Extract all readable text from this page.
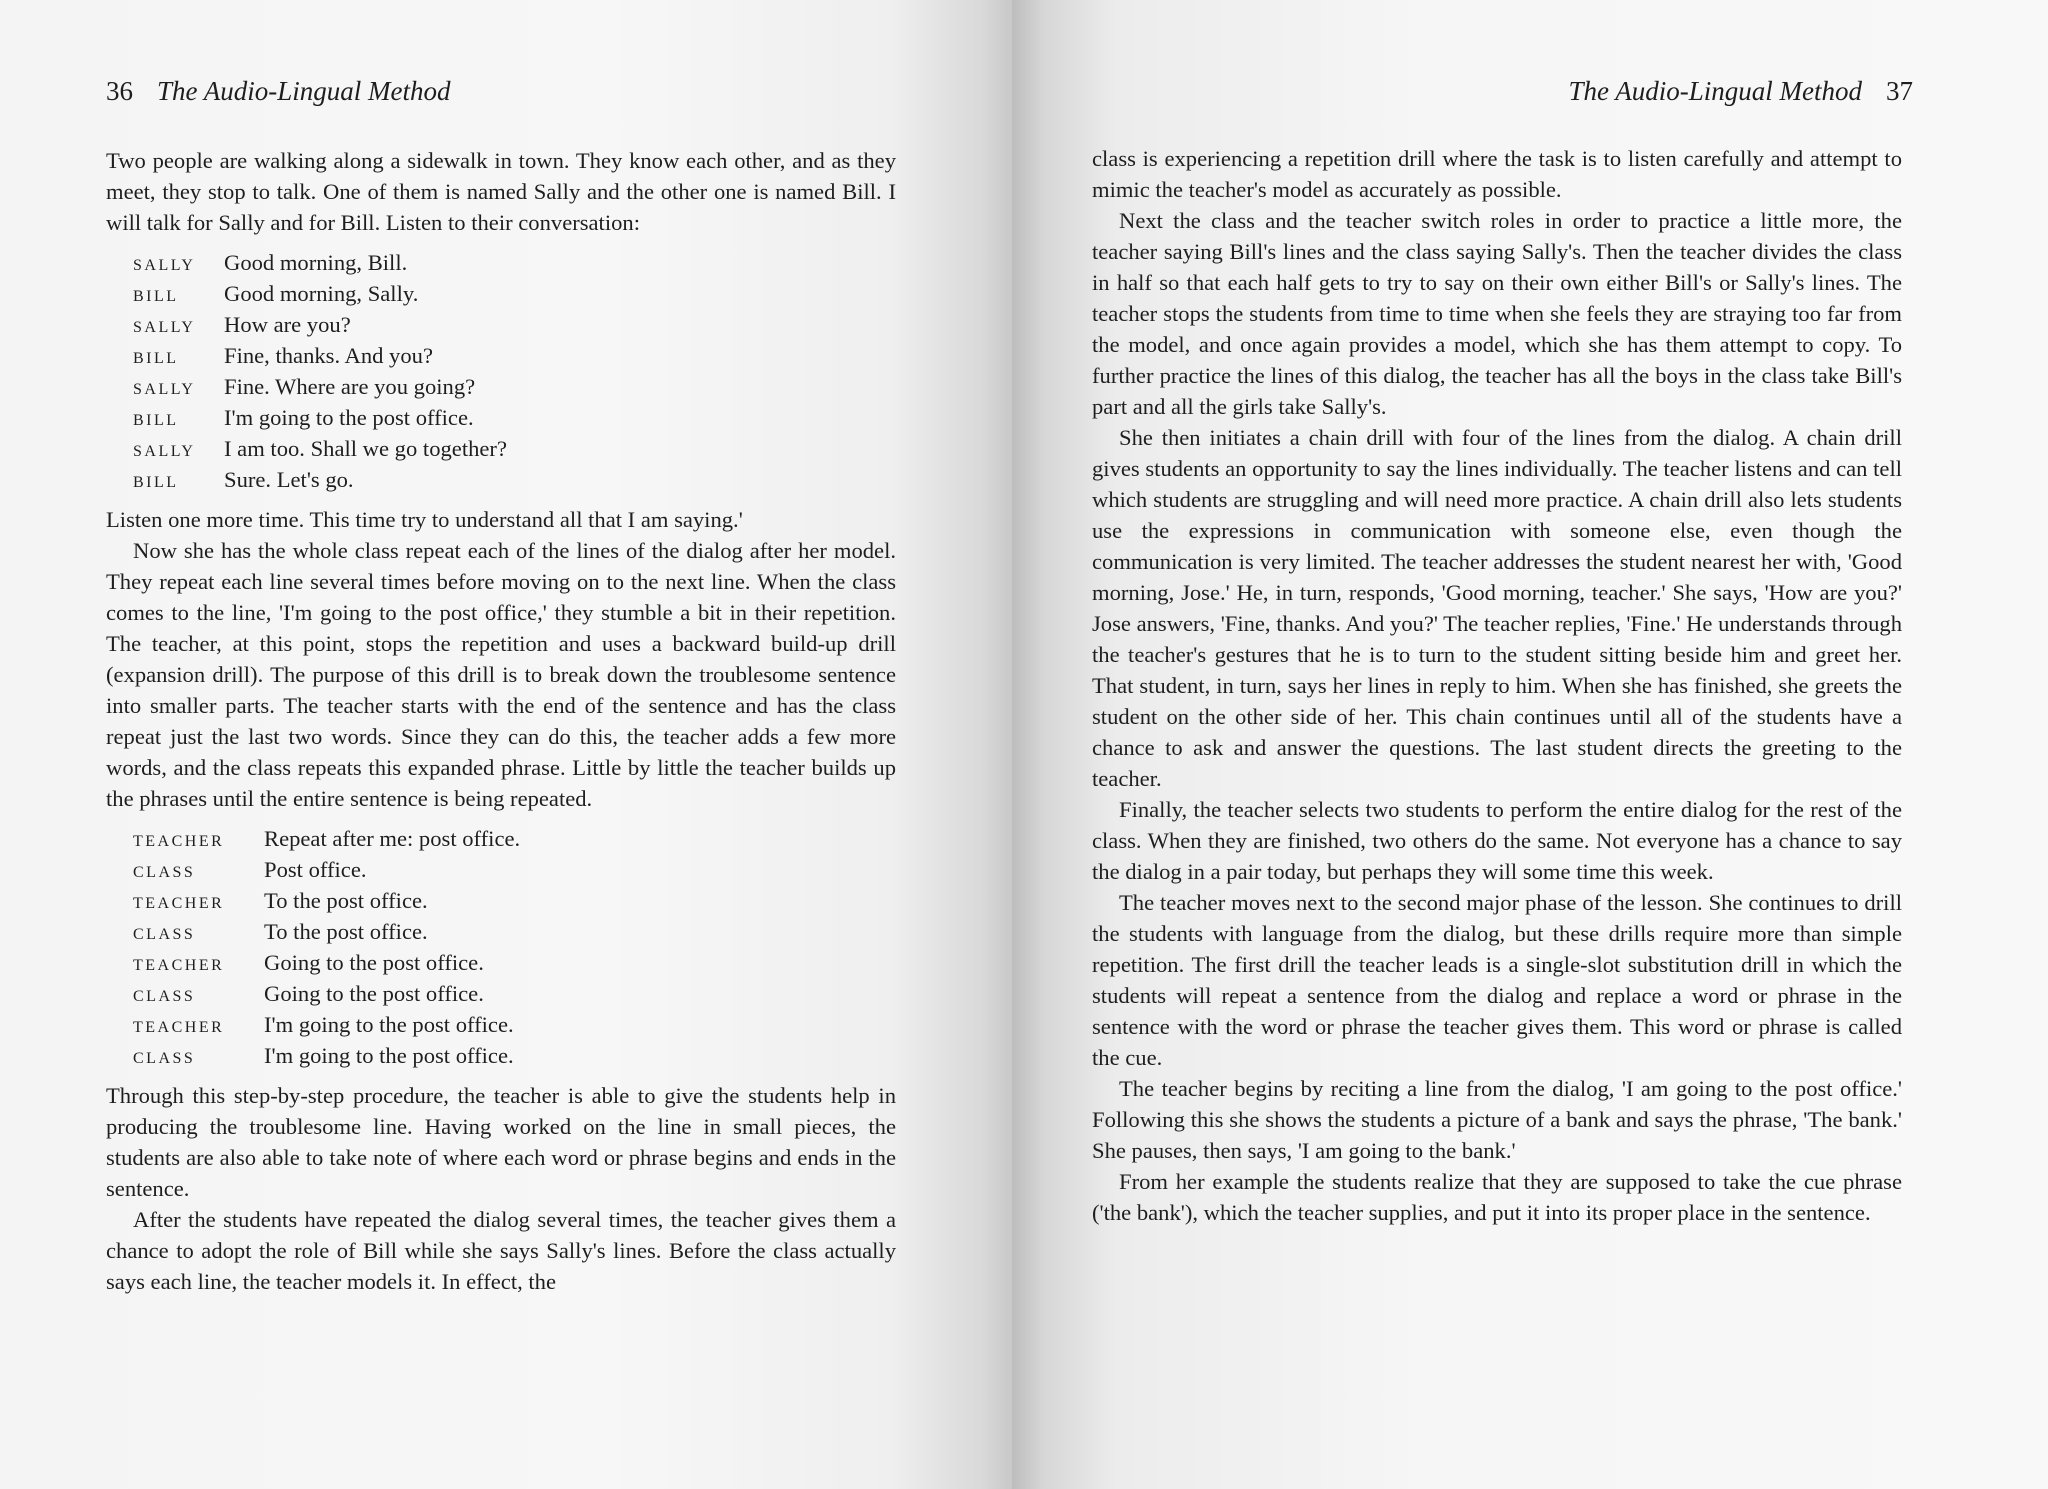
36 The Audio-Lingual Method

Two people are walking along a sidewalk in town. They know each other, and as they meet, they stop to talk. One of them is named Sally and the other one is named Bill. I will talk for Sally and for Bill. Listen to their conversation:

SALLY	Good morning, Bill.
BILL	Good morning, Sally.
SALLY	How are you?
BILL	Fine, thanks. And you?
SALLY	Fine. Where are you going?
BILL	I'm going to the post office.
SALLY	I am too. Shall we go together?
BILL	Sure. Let's go.

Listen one more time. This time try to understand all that I am saying.'

Now she has the whole class repeat each of the lines of the dialog after her model. They repeat each line several times before moving on to the next line. When the class comes to the line, 'I'm going to the post office,' they stumble a bit in their repetition. The teacher, at this point, stops the repetition and uses a backward build-up drill (expansion drill). The purpose of this drill is to break down the troublesome sentence into smaller parts. The teacher starts with the end of the sentence and has the class repeat just the last two words. Since they can do this, the teacher adds a few more words, and the class repeats this expanded phrase. Little by little the teacher builds up the phrases until the entire sentence is being repeated.

TEACHER	Repeat after me: post office.
CLASS	Post office.
TEACHER	To the post office.
CLASS	To the post office.
TEACHER	Going to the post office.
CLASS	Going to the post office.
TEACHER	I'm going to the post office.
CLASS	I'm going to the post office.

Through this step-by-step procedure, the teacher is able to give the students help in producing the troublesome line. Having worked on the line in small pieces, the students are also able to take note of where each word or phrase begins and ends in the sentence.

After the students have repeated the dialog several times, the teacher gives them a chance to adopt the role of Bill while she says Sally's lines. Before the class actually says each line, the teacher models it. In effect, the

The Audio-Lingual Method 37

class is experiencing a repetition drill where the task is to listen carefully and attempt to mimic the teacher's model as accurately as possible.

Next the class and the teacher switch roles in order to practice a little more, the teacher saying Bill's lines and the class saying Sally's. Then the teacher divides the class in half so that each half gets to try to say on their own either Bill's or Sally's lines. The teacher stops the students from time to time when she feels they are straying too far from the model, and once again provides a model, which she has them attempt to copy. To further practice the lines of this dialog, the teacher has all the boys in the class take Bill's part and all the girls take Sally's.

She then initiates a chain drill with four of the lines from the dialog. A chain drill gives students an opportunity to say the lines individually. The teacher listens and can tell which students are struggling and will need more practice. A chain drill also lets students use the expressions in communication with someone else, even though the communication is very limited. The teacher addresses the student nearest her with, 'Good morning, Jose.' He, in turn, responds, 'Good morning, teacher.' She says, 'How are you?' Jose answers, 'Fine, thanks. And you?' The teacher replies, 'Fine.' He understands through the teacher's gestures that he is to turn to the student sitting beside him and greet her. That student, in turn, says her lines in reply to him. When she has finished, she greets the student on the other side of her. This chain continues until all of the students have a chance to ask and answer the questions. The last student directs the greeting to the teacher.

Finally, the teacher selects two students to perform the entire dialog for the rest of the class. When they are finished, two others do the same. Not everyone has a chance to say the dialog in a pair today, but perhaps they will some time this week.

The teacher moves next to the second major phase of the lesson. She continues to drill the students with language from the dialog, but these drills require more than simple repetition. The first drill the teacher leads is a single-slot substitution drill in which the students will repeat a sentence from the dialog and replace a word or phrase in the sentence with the word or phrase the teacher gives them. This word or phrase is called the cue.

The teacher begins by reciting a line from the dialog, 'I am going to the post office.' Following this she shows the students a picture of a bank and says the phrase, 'The bank.' She pauses, then says, 'I am going to the bank.'

From her example the students realize that they are supposed to take the cue phrase ('the bank'), which the teacher supplies, and put it into its proper place in the sentence.
